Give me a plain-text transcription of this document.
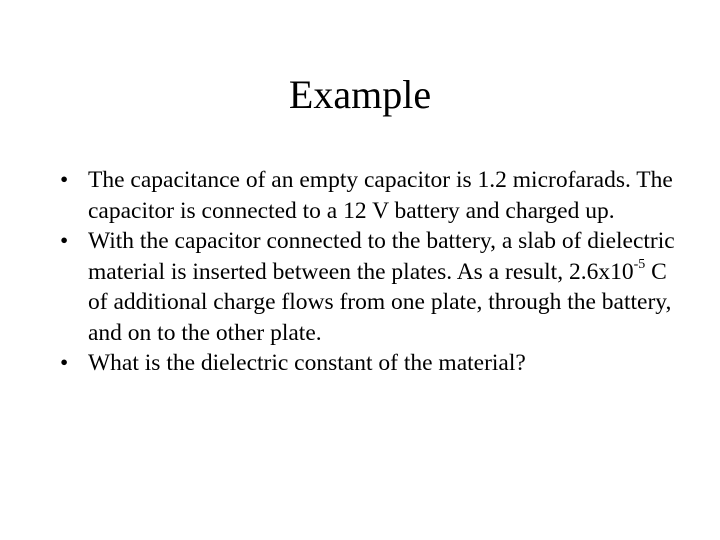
Example
• The capacitance of an empty capacitor is 1.2 microfarads. The capacitor is connected to a 12 V battery and charged up.
• With the capacitor connected to the battery, a slab of dielectric material is inserted between the plates. As a result, $2.6x10^{-5}$ C of additional charge flows from one plate, through the battery, and on to the other plate.
• What is the dielectric constant of the material?
